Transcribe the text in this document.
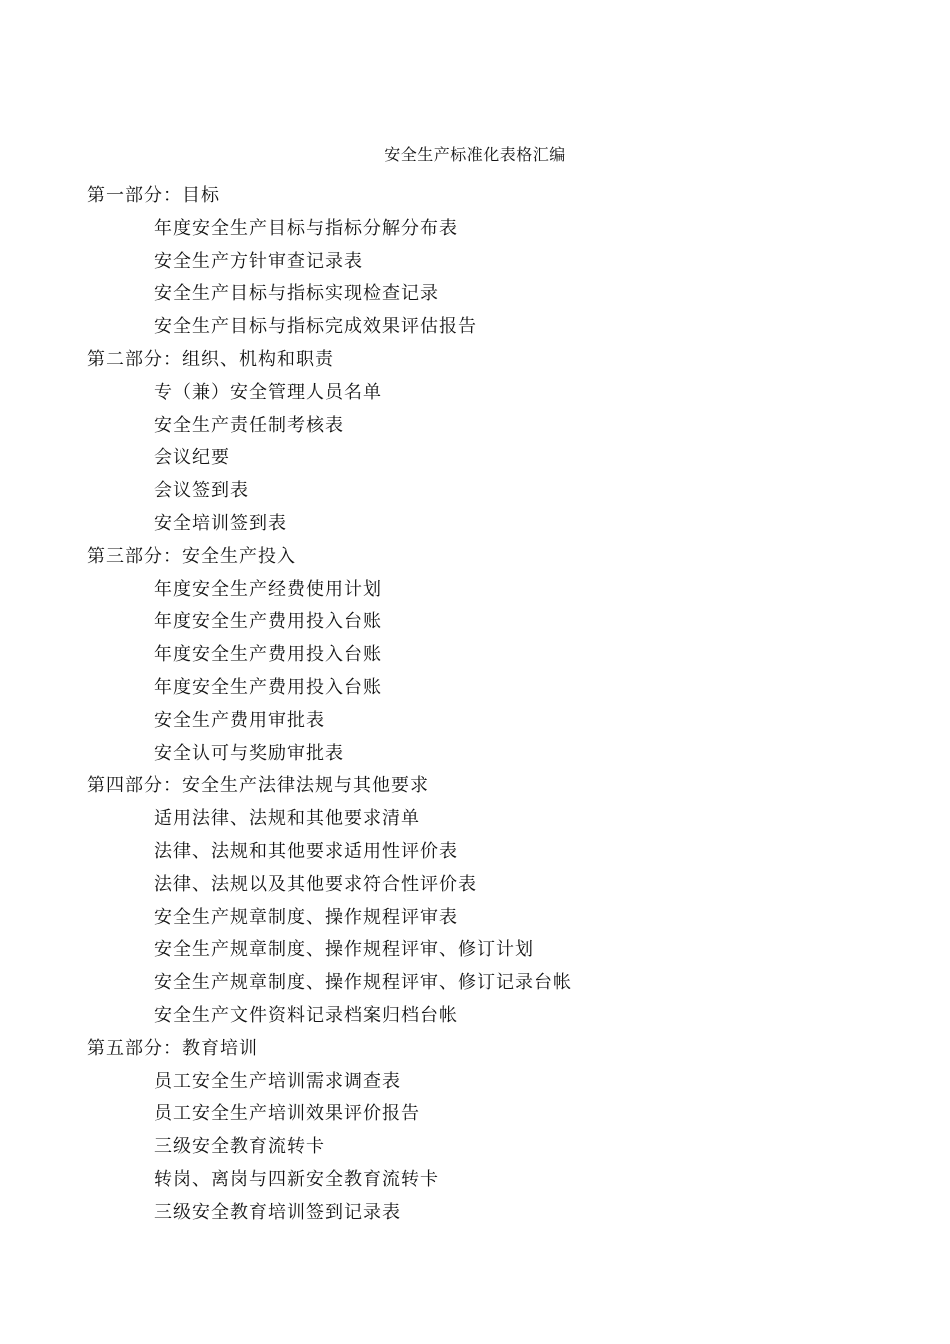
安全生产标准化表格汇编
第一部分：目标
年度安全生产目标与指标分解分布表
安全生产方针审查记录表
安全生产目标与指标实现检查记录
安全生产目标与指标完成效果评估报告
第二部分：组织、机构和职责
专（兼）安全管理人员名单
安全生产责任制考核表
会议纪要
会议签到表
安全培训签到表
第三部分：安全生产投入
年度安全生产经费使用计划
年度安全生产费用投入台账
年度安全生产费用投入台账
年度安全生产费用投入台账
安全生产费用审批表
安全认可与奖励审批表
第四部分：安全生产法律法规与其他要求
适用法律、法规和其他要求清单
法律、法规和其他要求适用性评价表
法律、法规以及其他要求符合性评价表
安全生产规章制度、操作规程评审表
安全生产规章制度、操作规程评审、修订计划
安全生产规章制度、操作规程评审、修订记录台帐
安全生产文件资料记录档案归档台帐
第五部分：教育培训
员工安全生产培训需求调查表
员工安全生产培训效果评价报告
三级安全教育流转卡
转岗、离岗与四新安全教育流转卡
三级安全教育培训签到记录表
